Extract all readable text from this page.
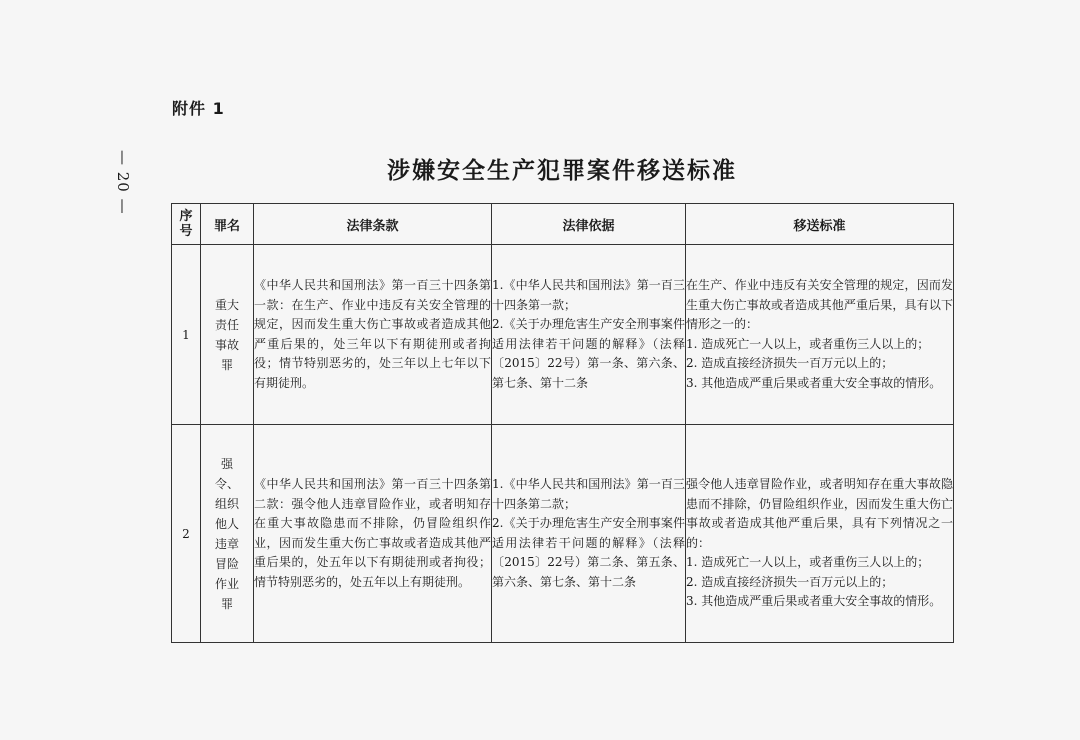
附件 1
— 20 —	涉嫌安全生产犯罪案件移送标准
序号	罪名	法律条款	法律依据	移送标准
1	重大责任事故罪	《中华人民共和国刑法》第一百三十四条第一款：在生产、作业中违反有关安全管理的规定，因而发生重大伤亡事故或者造成其他严重后果的，处三年以下有期徒刑或者拘役；情节特别恶劣的，处三年以上七年以下有期徒刑。	1.《中华人民共和国刑法》第一百三十四条第一款；
2.《关于办理危害生产安全刑事案件适用法律若干问题的解释》（法释〔2015〕22号）第一条、第六条、第七条、第十二条	在生产、作业中违反有关安全管理的规定，因而发生重大伤亡事故或者造成其他严重后果，具有以下情形之一的：
1. 造成死亡一人以上，或者重伤三人以上的；
2. 造成直接经济损失一百万元以上的；
3. 其他造成严重后果或者重大安全事故的情形。

2	强令、组织他人违章冒险作业罪	《中华人民共和国刑法》第一百三十四条第二款：强令他人违章冒险作业，或者明知存在重大事故隐患而不排除，仍冒险组织作业，因而发生重大伤亡事故或者造成其他严重后果的，处五年以下有期徒刑或者拘役；情节特别恶劣的，处五年以上有期徒刑。	1.《中华人民共和国刑法》第一百三十四条第二款；
2.《关于办理危害生产安全刑事案件适用法律若干问题的解释》（法释〔2015〕22号）第二条、第五条、第六条、第七条、第十二条	强令他人违章冒险作业，或者明知存在重大事故隐患而不排除，仍冒险组织作业，因而发生重大伤亡事故或者造成其他严重后果，具有下列情况之一的：
1. 造成死亡一人以上，或者重伤三人以上的；
2. 造成直接经济损失一百万元以上的；
3. 其他造成严重后果或者重大安全事故的情形。
